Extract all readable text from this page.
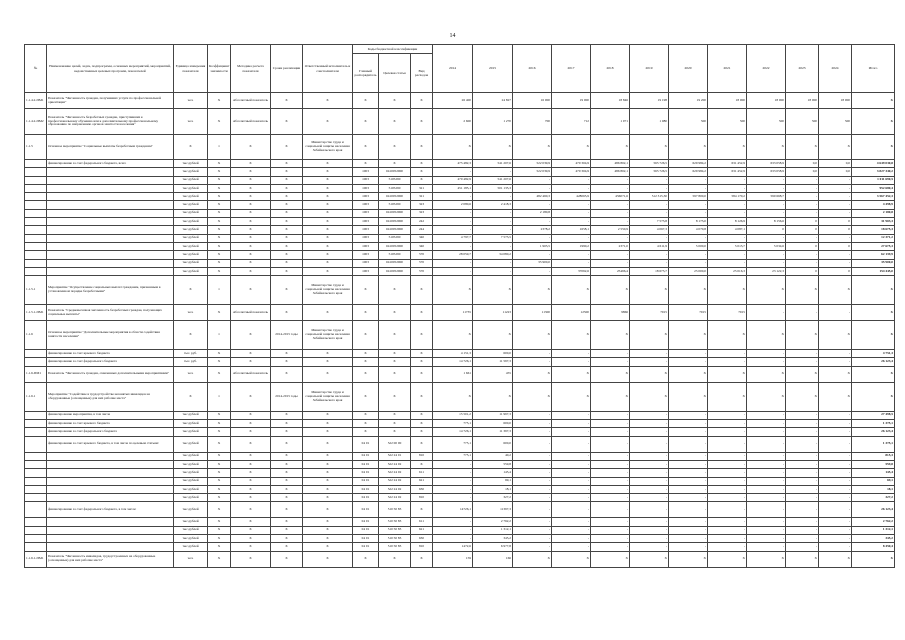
14
№	Наименование целей, задач, подпрограмм, основных мероприятий, мероприятий, ведомственных целевых программ, показателей	Единица измерения показателя	Коэффициент значимости	Методика расчета показателя	Сроки реализации	Ответственный исполнитель и соисполнители	Коды бюджетной классификации			2014	2015	2016	2017	2018	2019	2020	2021	2022	2023	2024	Итого
							Главный распорядитель	Целевая статья	Вид расходов												
1.1.4.2-ПМ1	Показатель "Численность граждан, получивших услуги по профессиональной ориентации"	чел.	Х	Абсолютный показатель	Х	Х	Х	Х	Х	26 400	24 827	16 000	19 000	18 846	19 198	19 200	18 000	18 000	18 000	18 000	Х
1.1.4.2-ПМ2	Показатель "Численность безработных граждан, приступивших к профессиональному обучению или к дополнительному профессиональному образованию по направлению органов занятости населения"	чел.	Х	Абсолютный показатель	Х	Х	Х	Х	Х	2 600	1 270	700	712	1 071	1 080	500	500	500	500	500	Х
1.1.5	Основное мероприятие "Социальные выплаты безработным гражданам"	Х	1	Х	Х	Министерство труда и социальной защиты населения Забайкальского края	Х	Х	Х	Х	Х	Х	Х	Х	Х	Х	Х	Х	Х	Х	Х
	финансирование за счет федерального бюджета, всего	тыс.рублей	Х	Х	Х	Х	Х	Х	Х	475 482,3	541 207,6	522 039,9	470 304,9	486 802,1	565 726,5	629 984,2	631 452,9	633 058,9	0,0	0,0	4 649 030,8
		тыс.рублей	Х	Х	Х	Х	1003	0410052900	Х	-	-	522 039,9	470 304,9	486 802,1	565 726,5	629 984,2	631 452,9	633 058,9	0,0	0,0	3 827 340,2
		тыс.рублей	Х	Х	Х	Х	1003	5105290	Х	470 482,9	541 207,6	-	-	-	-	-	-	-	-	-	1 011 690,5
		тыс.рублей	Х	Х	Х	Х	1003	5105290	321	451 185,1	501 135,3	-	-	-	-	-	-	-	-	-	952 680,4
		тыс.рублей	Х	Х	Х	Х	1003	0410052900	321	-	-	482 460,3	428065,9	456071,6	512 315,30	597 800,0	584 170,2	590 668,7	-	-	3 567 452,3
		тыс.рублей	Х	Х	Х	Х	1003	5105290	323	2 080,6	2 418,3	-	-	-	-	-	-	-	-	-	4 498,9
		тыс.рублей	Х	Х	Х	Х	1003	0410052900	323	-	-	2 180,8	-	-	-	-	-	-	-	-	2 180,8
		тыс.рублей	Х	Х	Х	Х	1003	0410052900	242	-	-	-	-	-	7 573,8	8 173,0	8 126,9	8 156,6	0	0	31 903,3
		тыс.рублей	Х	Х	Х	Х	1003	0410052900	244	-	-	2378,2	1658,1	2 550,9	4 067,3	4 070,8	4 087,1	0	0	0	18 675,3
		тыс.рублей	Х	Х	Х	Х	1003	5105290	340	4 797,7	7 573,5	-	-	-	-	-	-	-	-	-	12 371,2
		тыс.рублей	Х	Х	Х	Х	1003	0410052900	340	-	-	1 903,5	1990,2	2371,0	4 611,9	5 000,0	5 013,7	5 034,6	0	0	27 675,3
		тыс.рублей	Х	Х	Х	Х	1003	5105290	570	28 059,7	34 080,2	-	-	-	-	-	-	-	-	-	62 139,9
		тыс.рублей	Х	Х	Х	Х	1003	0410052900	570	-	-	35 900,0	-	-	-	-	-	-	-	-	35 900,0
		тыс.рублей	Х	Х	Х	Х	1003	0410052900	570	-	-	-	37092,6	25496,4	18 673,7	25 000,0	25 016,3	23 122,3	0	0	154 445,0
1.1.5.1	Мероприятие "Осуществление социальных выплат гражданам, признанным в установленном порядке безработными"	Х	1	Х	Х	Министерство труда и социальной защиты населения Забайкальского края	Х	Х	Х	Х	Х	Х	Х	Х	Х	Х	Х	Х	Х	Х	Х
1.1.5.1-ПМ1	Показатель "Среднемесячная численность безработных граждан, получающих социальные выплаты"	чел.	Х	Абсолютный показатель	Х	Х	Х	Х	Х	11735	11223	11300	12500	9866	7915	7915	7915	-	-	-	Х
1.1.6	Основное мероприятие "Дополнительные мероприятия в области содействия занятости населения"	Х	1	Х	2014-2015 годы	Министерство труда и социальной защиты населения Забайкальского края	Х	Х	Х	Х	Х	Х	Х	Х	Х	Х	Х	Х	Х	Х	Х
	финансирование за счет краевого бюджета	тыс. руб.	Х	Х	Х	Х	Х	Х	Х	4 151,3	600,0	-	-	-	-	-	-	-	-	-	4 751,3
	финансирование за счет федерального бюджета	тыс. руб.	Х	Х	Х	Х	Х	Х	Х	14 726,1	11 597,3	-	-	-	-	-	-	-	-	-	26 123,4
1.1.6-ПМ1	Показатель "Численность граждан, охваченных дополнительными мероприятиями"	чел.	Х	Абсолютный показатель	Х	Х	Х	Х	Х	1 661	455	Х	Х	Х	Х	Х	Х	Х	Х	Х	Х
1.1.6.1	Мероприятие "Содействие в трудоустройстве незанятых инвалидов на оборудованные (оснащенные) для них рабочие места"	Х	1	Х	2014-2015 годы	Министерство труда и социальной защиты населения Забайкальского края	Х	Х	Х	Х	Х	Х	Х	Х	Х	Х	Х	Х	Х	Х	Х
	финансирование мероприятия, в том числе	тыс.рублей	Х	Х	Х	Х	Х	Х	Х	15 501,2	11 997,3	-	-	-	-	-	-	-	-	-	27 498,5
	финансирование за счет краевого бюджета	тыс.рублей	Х	Х	Х	Х	Х	Х	Х	775,1	600,0	-	-	-	-	-	-	-	-	-	1 375,1
	финансирование за счет федерального бюджета	тыс.рублей	Х	Х	Х	Х	Х	Х	Х	14 726,1	11 397,3	-	-	-	-	-	-	-	-	-	26 123,4
	финансирование за счет краевого бюджета, в том числе по целевым статьям:	тыс.рублей	Х	Х	Х	Х	04 01	522 00 00	Х	775,1	600,0	-	-	-	-	-	-	-	-	-	1 375,1
		тыс.рублей	Х	Х	Х	Х	04 01	522 24 01	810	775,1	40,2	-	-	-	-	-	-	-	-	-	815,3
		тыс.рублей	Х	Х	Х	Х	04 01	522 24 02	Х	-	559,8	-	-	-	-	-	-	-	-	-	559,8
		тыс.рублей	Х	Х	Х	Х	04 01	522 24 02	611	-	145,4	-	-	-	-	-	-	-	-	-	145,4
		тыс.рублей	Х	Х	Х	Х	04 01	522 24 02	621	-	69,1	-	-	-	-	-	-	-	-	-	69,1
		тыс.рублей	Х	Х	Х	Х	04 01	522 24 02	630	-	18,1	-	-	-	-	-	-	-	-	-	18,1
		тыс.рублей	Х	Х	Х	Х	04 01	522 24 02	810	-	327,2	-	-	-	-	-	-	-	-	-	327,2
	финансирование за счет федерального бюджета, в том числе:	тыс.рублей	Х	Х	Х	Х	04 01	510 50 83	Х	14726,1	11397,3	-	-	-	-	-	-	-	-	-	26 123,4
		тыс.рублей	Х	Х	Х	Х	04 01	510 50 83	611	-	2 762,2	-	-	-	-	-	-	-	-	-	2 762,2
		тыс.рублей	Х	Х	Х	Х	04 01	510 50 83	621	-	1 312,1	-	-	-	-	-	-	-	-	-	1 312,1
		тыс.рублей	Х	Х	Х	Х	04 01	510 50 83	630	-	345,2	-	-	-	-	-	-	-	-	-	345,2
		тыс.рублей	Х	Х	Х	Х	04 01	510 50 83	810	1472,6	6 977,8	-	-	-	-	-	-	-	-	-	8 450,4
1.1.6.1-ПМ1	Показатель "Численность инвалидов, трудоустроенных на оборудованные (оснащенные) для них рабочие места"	чел.	Х	Х	Х	Х	Х	Х	Х	159	166	Х	Х	Х	Х	Х	Х	Х	Х	Х	Х
